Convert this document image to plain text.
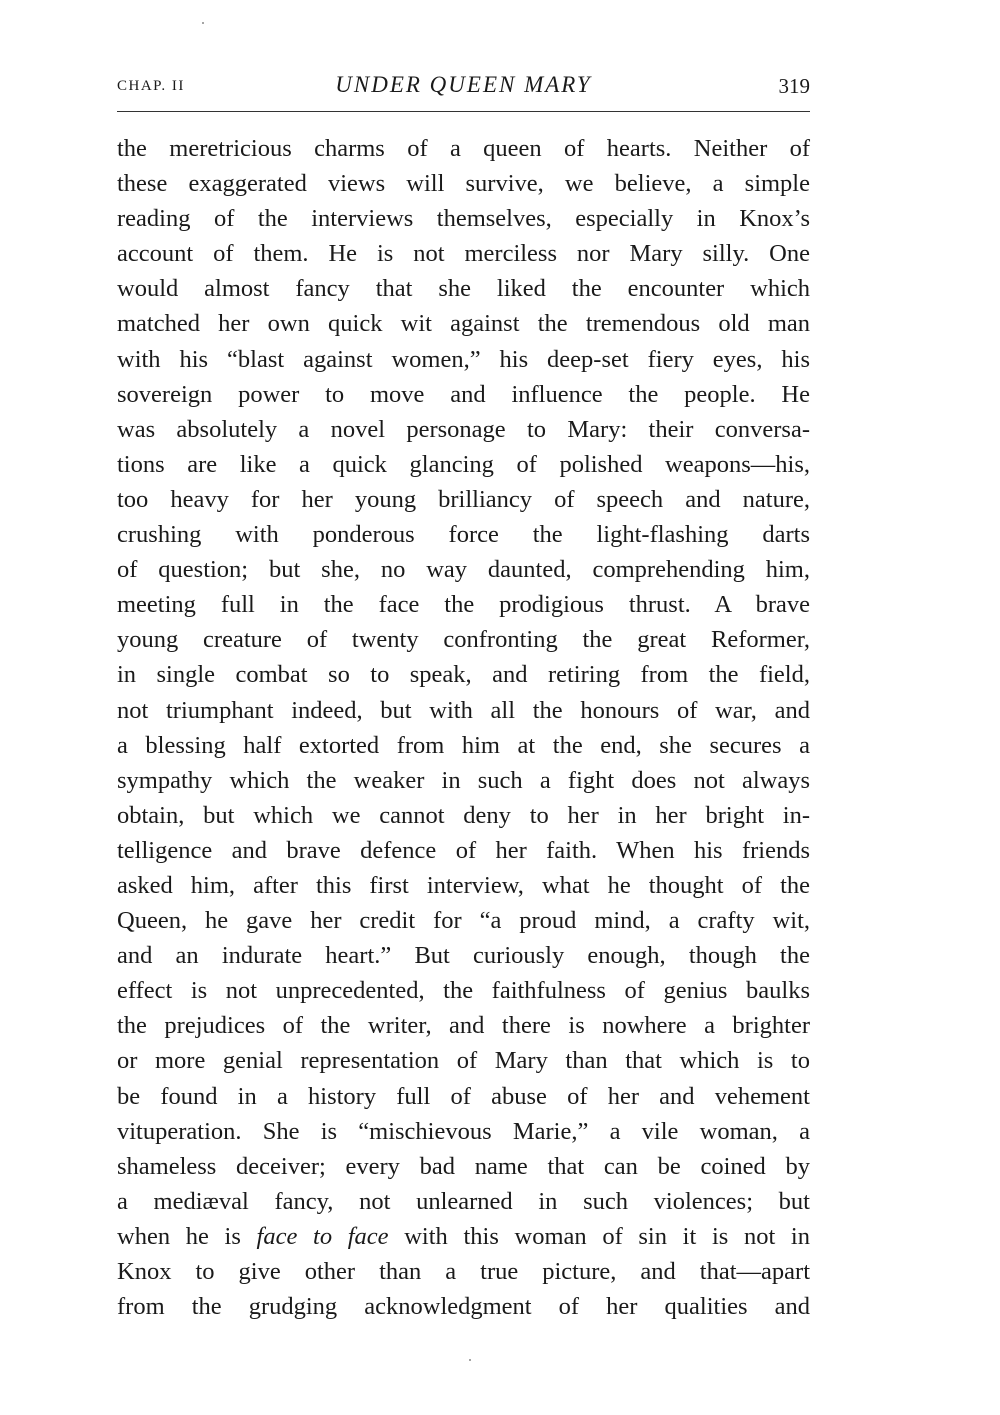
CHAP. II	UNDER QUEEN MARY	319
the meretricious charms of a queen of hearts. Neither of
these exaggerated views will survive, we believe, a simple
reading of the interviews themselves, especially in Knox’s
account of them. He is not merciless nor Mary silly. One
would almost fancy that she liked the encounter which
matched her own quick wit against the tremendous old man
with his “blast against women,” his deep-set fiery eyes, his
sovereign power to move and influence the people. He
was absolutely a novel personage to Mary: their conversa-
tions are like a quick glancing of polished weapons—his,
too heavy for her young brilliancy of speech and nature,
crushing with ponderous force the light-flashing darts
of question; but she, no way daunted, comprehending him,
meeting full in the face the prodigious thrust. A brave
young creature of twenty confronting the great Reformer,
in single combat so to speak, and retiring from the field,
not triumphant indeed, but with all the honours of war, and
a blessing half extorted from him at the end, she secures a
sympathy which the weaker in such a fight does not always
obtain, but which we cannot deny to her in her bright in-
telligence and brave defence of her faith. When his friends
asked him, after this first interview, what he thought of the
Queen, he gave her credit for “a proud mind, a crafty wit,
and an indurate heart.” But curiously enough, though the
effect is not unprecedented, the faithfulness of genius baulks
the prejudices of the writer, and there is nowhere a brighter
or more genial representation of Mary than that which is to
be found in a history full of abuse of her and vehement
vituperation. She is “mischievous Marie,” a vile woman, a
shameless deceiver; every bad name that can be coined by
a mediæval fancy, not unlearned in such violences; but
when he is face to face with this woman of sin it is not in
Knox to give other than a true picture, and that—apart
from the grudging acknowledgment of her qualities and
